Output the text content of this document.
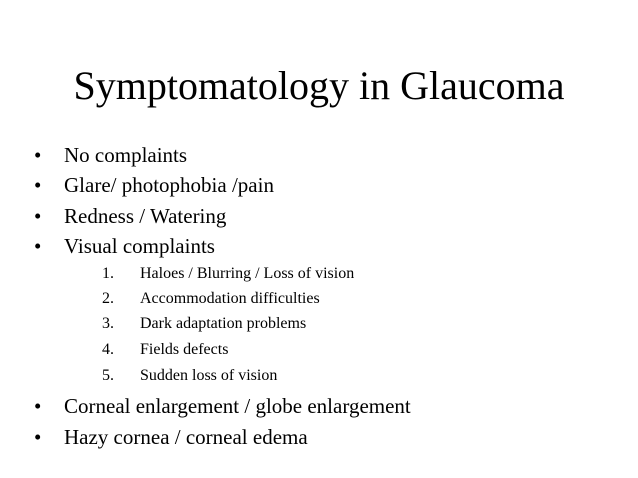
Symptomatology in Glaucoma
• No complaints
• Glare/ photophobia /pain
• Redness / Watering
• Visual complaints
1. Haloes / Blurring / Loss of vision
2. Accommodation difficulties
3. Dark adaptation problems
4. Fields defects
5. Sudden loss of vision
• Corneal enlargement / globe enlargement
• Hazy cornea / corneal edema
